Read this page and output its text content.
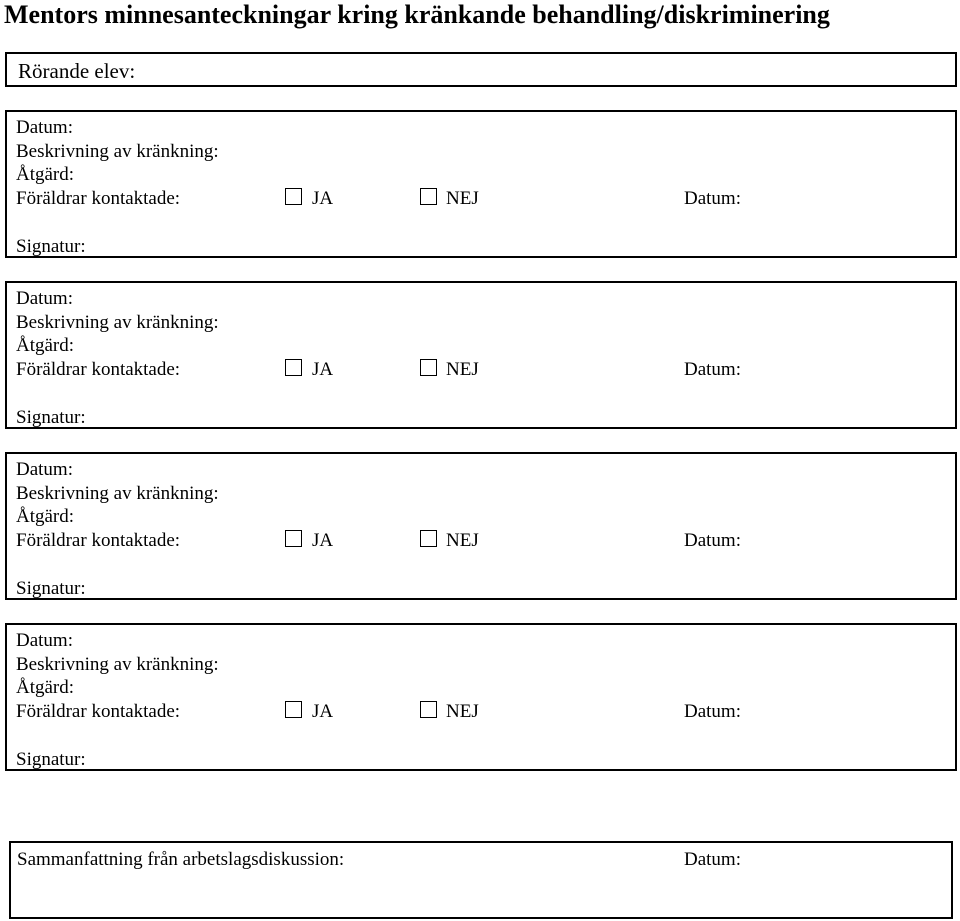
Mentors minnesanteckningar kring kränkande behandling/diskriminering
Rörande elev:
Datum:
Beskrivning av kränkning:
Åtgärd:
Föräldrar kontaktade:	JA	NEJ	Datum:
Signatur:
Datum:
Beskrivning av kränkning:
Åtgärd:
Föräldrar kontaktade:	JA	NEJ	Datum:
Signatur:
Datum:
Beskrivning av kränkning:
Åtgärd:
Föräldrar kontaktade:	JA	NEJ	Datum:
Signatur:
Datum:
Beskrivning av kränkning:
Åtgärd:
Föräldrar kontaktade:	JA	NEJ	Datum:
Signatur:
Sammanfattning från arbetslagsdiskussion:	Datum:
